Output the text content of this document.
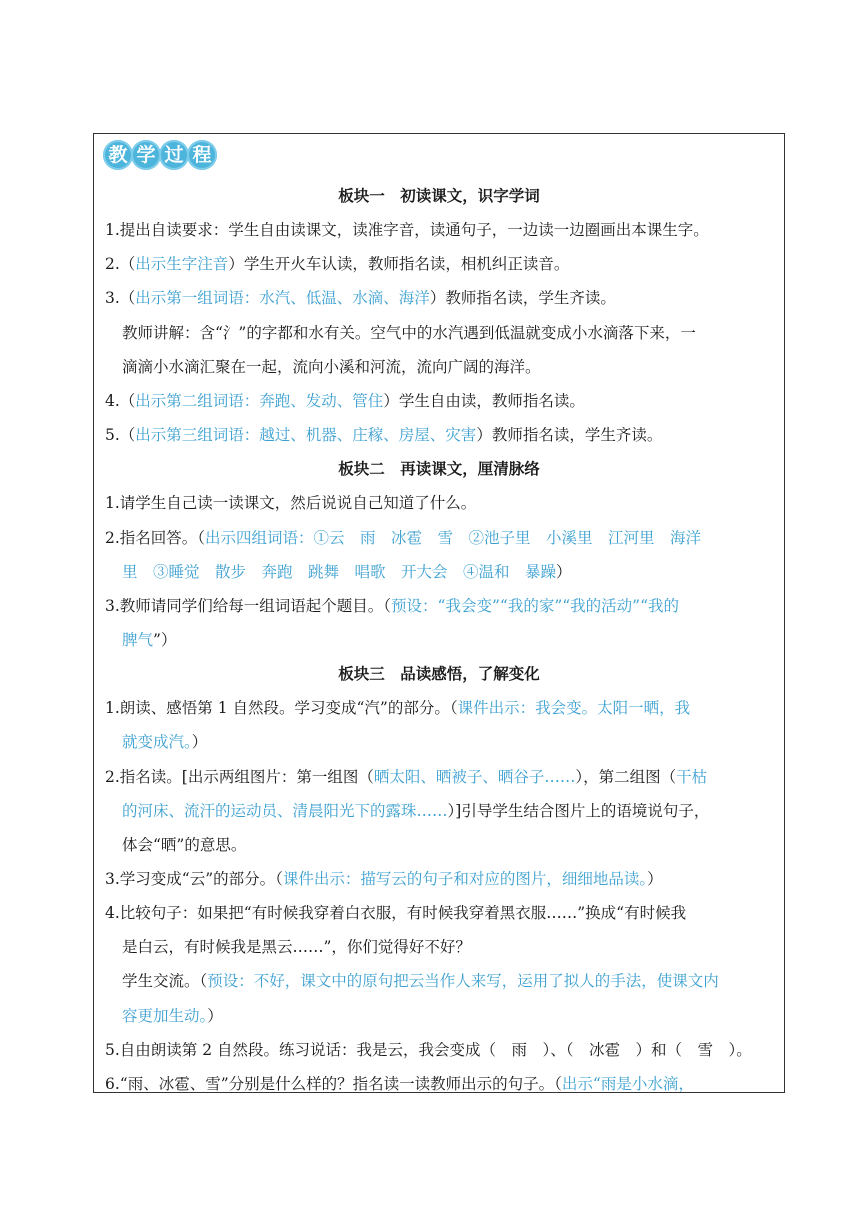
教 学 过 程
板块一　初读课文，识字学词
1.提出自读要求：学生自由读课文，读准字音，读通句子，一边读一边圈画出本课生字。
2.（出示生字注音）学生开火车认读，教师指名读，相机纠正读音。
3.（出示第一组词语：水汽、低温、水滴、海洋）教师指名读，学生齐读。
教师讲解：含“氵”的字都和水有关。空气中的水汽遇到低温就变成小水滴落下来，一
滴滴小水滴汇聚在一起，流向小溪和河流，流向广阔的海洋。
4.（出示第二组词语：奔跑、发动、管住）学生自由读，教师指名读。
5.（出示第三组词语：越过、机器、庄稼、房屋、灾害）教师指名读，学生齐读。
板块二　再读课文，厘清脉络
1.请学生自己读一读课文，然后说说自己知道了什么。
2.指名回答。（出示四组词语：①云　雨　冰雹　雪　②池子里　小溪里　江河里　海洋
里　③睡觉　散步　奔跑　跳舞　唱歌　开大会　④温和　暴躁）
3.教师请同学们给每一组词语起个题目。（预设：“我会变”“我的家”“我的活动”“我的
脾气”）
板块三　品读感悟，了解变化
1.朗读、感悟第 1 自然段。学习变成“汽”的部分。（课件出示：我会变。太阳一晒，我
就变成汽。）
2.指名读。[出示两组图片：第一组图（晒太阳、晒被子、晒谷子……），第二组图（干枯
的河床、流汗的运动员、清晨阳光下的露珠……）]引导学生结合图片上的语境说句子，
体会“晒”的意思。
3.学习变成“云”的部分。（课件出示：描写云的句子和对应的图片，细细地品读。）
4.比较句子：如果把“有时候我穿着白衣服，有时候我穿着黑衣服……”换成“有时候我
是白云，有时候我是黑云……”，你们觉得好不好？
学生交流。（预设：不好，课文中的原句把云当作人来写，运用了拟人的手法，使课文内
容更加生动。）
5.自由朗读第 2 自然段。练习说话：我是云，我会变成（　雨　）、（　冰雹　）和（　雪　）。
6.“雨、冰雹、雪”分别是什么样的？指名读一读教师出示的句子。（出示“雨是小水滴，
